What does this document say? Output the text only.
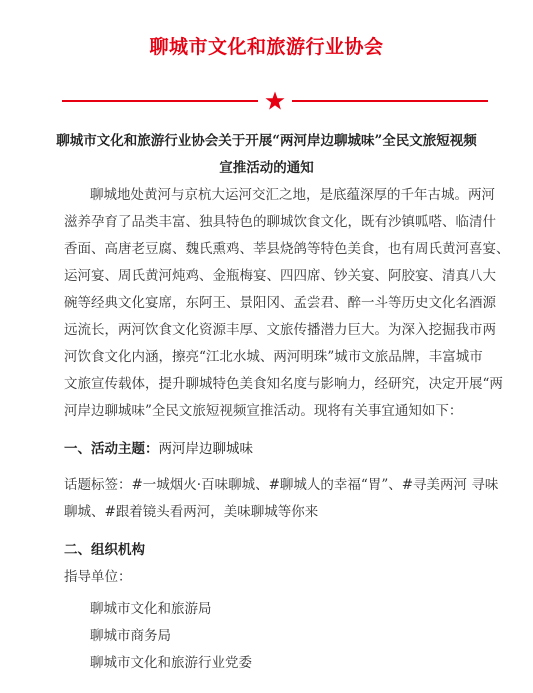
聊城市文化和旅游行业协会
聊城市文化和旅游行业协会关于开展“两河岸边聊城味”全民文旅短视频
宣推活动的通知
聊城地处黄河与京杭大运河交汇之地，是底蕴深厚的千年古城。两河
滋养孕育了品类丰富、独具特色的聊城饮食文化，既有沙镇呱嗒、临清什
香面、高唐老豆腐、魏氏熏鸡、莘县烧鸽等特色美食，也有周氏黄河喜宴、
运河宴、周氏黄河炖鸡、金瓶梅宴、四四席、钞关宴、阿胶宴、清真八大
碗等经典文化宴席，东阿王、景阳冈、孟尝君、醉一斗等历史文化名酒源
远流长，两河饮食文化资源丰厚、文旅传播潜力巨大。为深入挖掘我市两
河饮食文化内涵，擦亮“江北水城、两河明珠”城市文旅品牌，丰富城市
文旅宣传载体，提升聊城特色美食知名度与影响力，经研究，决定开展“两
河岸边聊城味”全民文旅短视频宣推活动。现将有关事宜通知如下：
一、活动主题：两河岸边聊城味
话题标签：#一城烟火·百味聊城、#聊城人的幸福“胃”、#寻美两河 寻味
聊城、#跟着镜头看两河，美味聊城等你来
二、组织机构
指导单位：
聊城市文化和旅游局
聊城市商务局
聊城市文化和旅游行业党委
